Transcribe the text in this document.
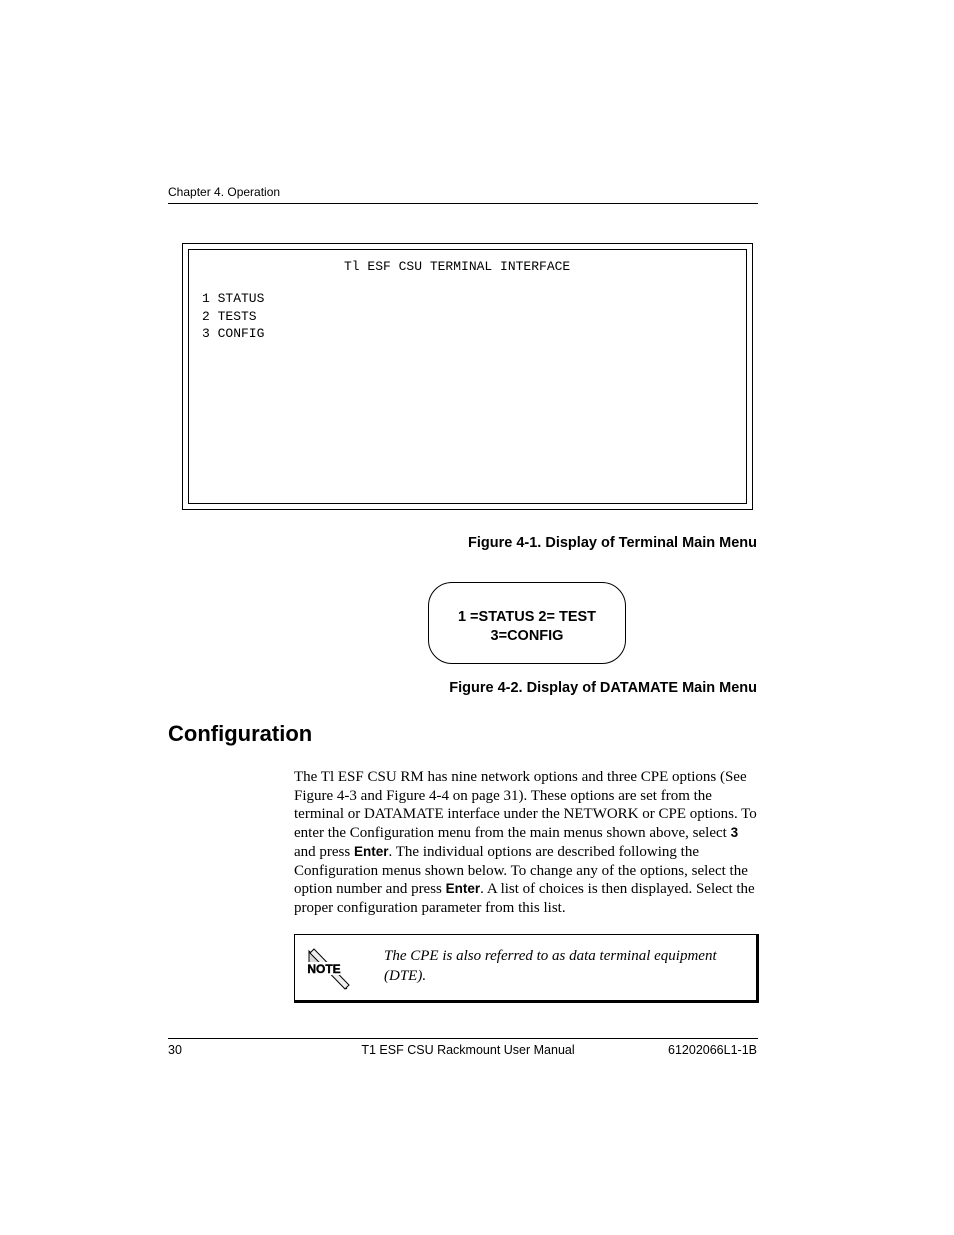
Chapter 4. Operation
Tl ESF CSU TERMINAL INTERFACE
1 STATUS
2 TESTS
3 CONFIG
Figure 4-1. Display of Terminal Main Menu
1 =STATUS 2= TEST
3=CONFIG
Figure 4-2. Display of DATAMATE Main Menu
Configuration

The Tl ESF CSU RM has nine network options and three CPE options (See Figure 4-3 and Figure 4-4 on page 31). These options are set from the terminal or DATAMATE interface under the NETWORK or CPE options. To enter the Configuration menu from the main menus shown above, select 3 and press Enter. The individual options are described following the Configuration menus shown below. To change any of the options, select the option number and press Enter. A list of choices is then displayed. Select the proper configuration parameter from this list.

NOTE

The CPE is also referred to as data terminal equipment (DTE).

30	T1 ESF CSU Rackmount User Manual	61202066L1-1B
